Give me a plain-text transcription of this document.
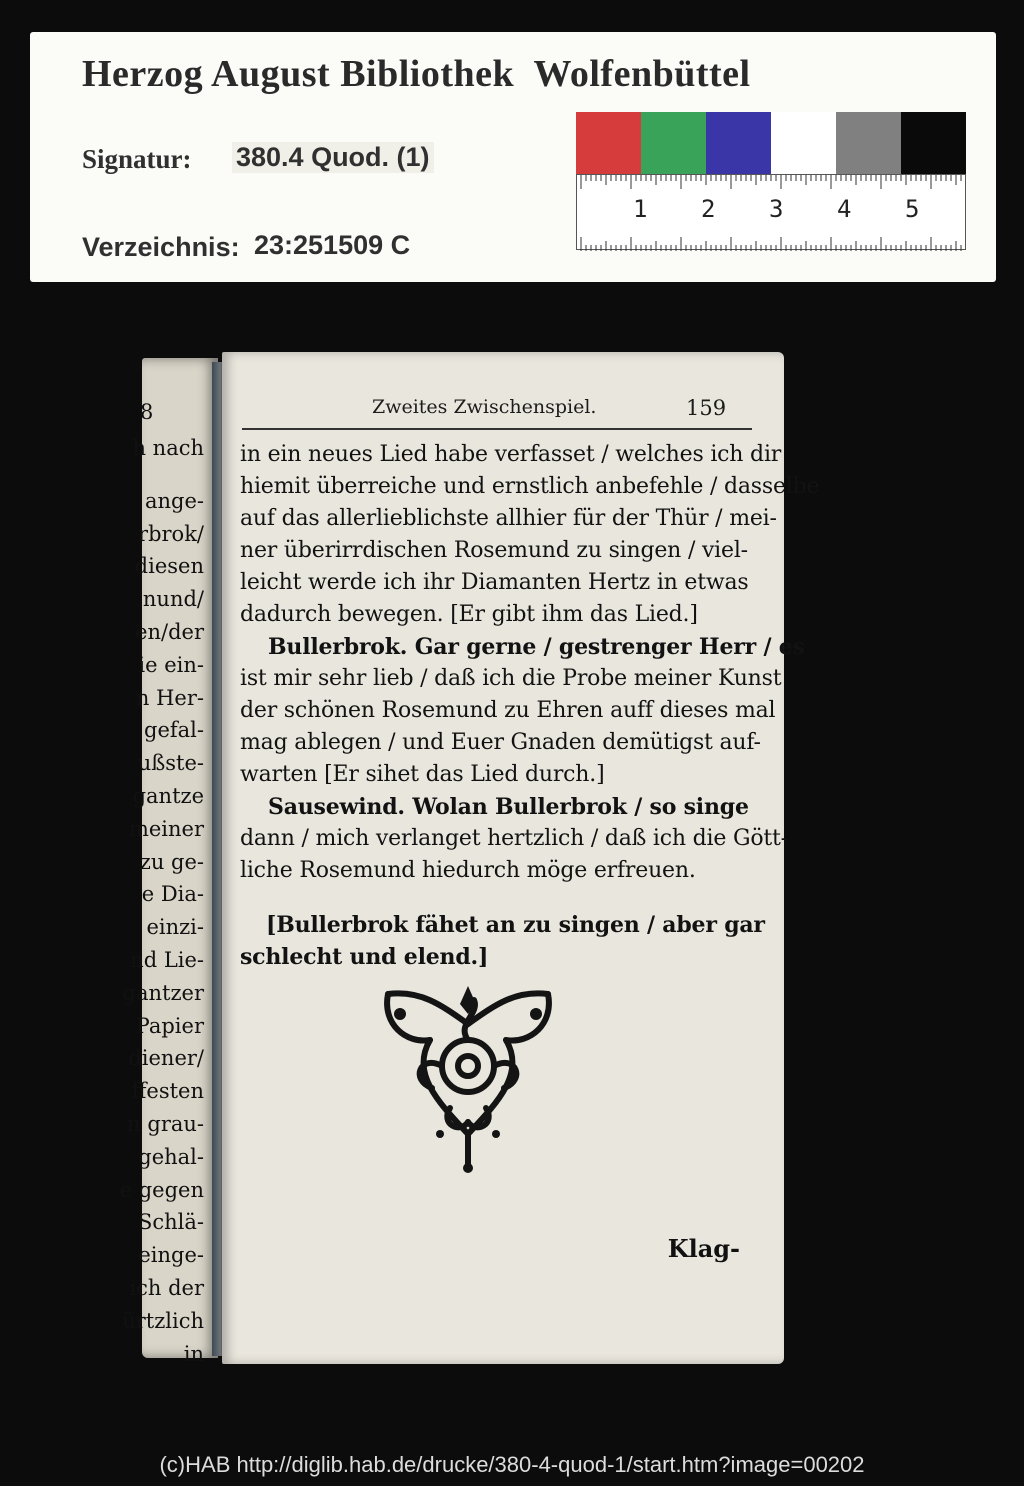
Herzog August Bibliothek  Wolfenbüttel
Signatur: 380.4 Quod. (1)
Verzeichnis: 23:251509 C
1 2 3 4 5
8
h nach
ange-
rbrok/
diesen
nund/
en/der
ie ein-
n Her-
gefal-
ußste-
gantze
meiner
zu ge-
e Dia-
einzi-
nd Lie-
gantzer
Papier
diener/
ffesten
n grau-
gehal-
e gegen
Schlä-
einge-
ich der
ürtzlich
in
Zweites Zwischenspiel.	159
in ein neues Lied habe verfasset / welches ich dir
hiemit überreiche und ernstlich anbefehle / dasselbe
auf das allerlieblichste allhier für der Thür / mei-
ner überirrdischen Rosemund zu singen / viel-
leicht werde ich ihr Diamanten Hertz in etwas
dadurch bewegen. [Er gibt ihm das Lied.]
Bullerbrok. Gar gerne / gestrenger Herr / es
ist mir sehr lieb / daß ich die Probe meiner Kunst
der schönen Rosemund zu Ehren auff dieses mal
mag ablegen / und Euer Gnaden demütigst auf-
warten [Er sihet das Lied durch.]
Sausewind. Wolan Bullerbrok / so singe
dann / mich verlanget hertzlich / daß ich die Gött-
liche Rosemund hiedurch möge erfreuen.
[Bullerbrok fähet an zu singen / aber gar
schlecht und elend.]
Klag-
(c)HAB http://diglib.hab.de/drucke/380-4-quod-1/start.htm?image=00202
